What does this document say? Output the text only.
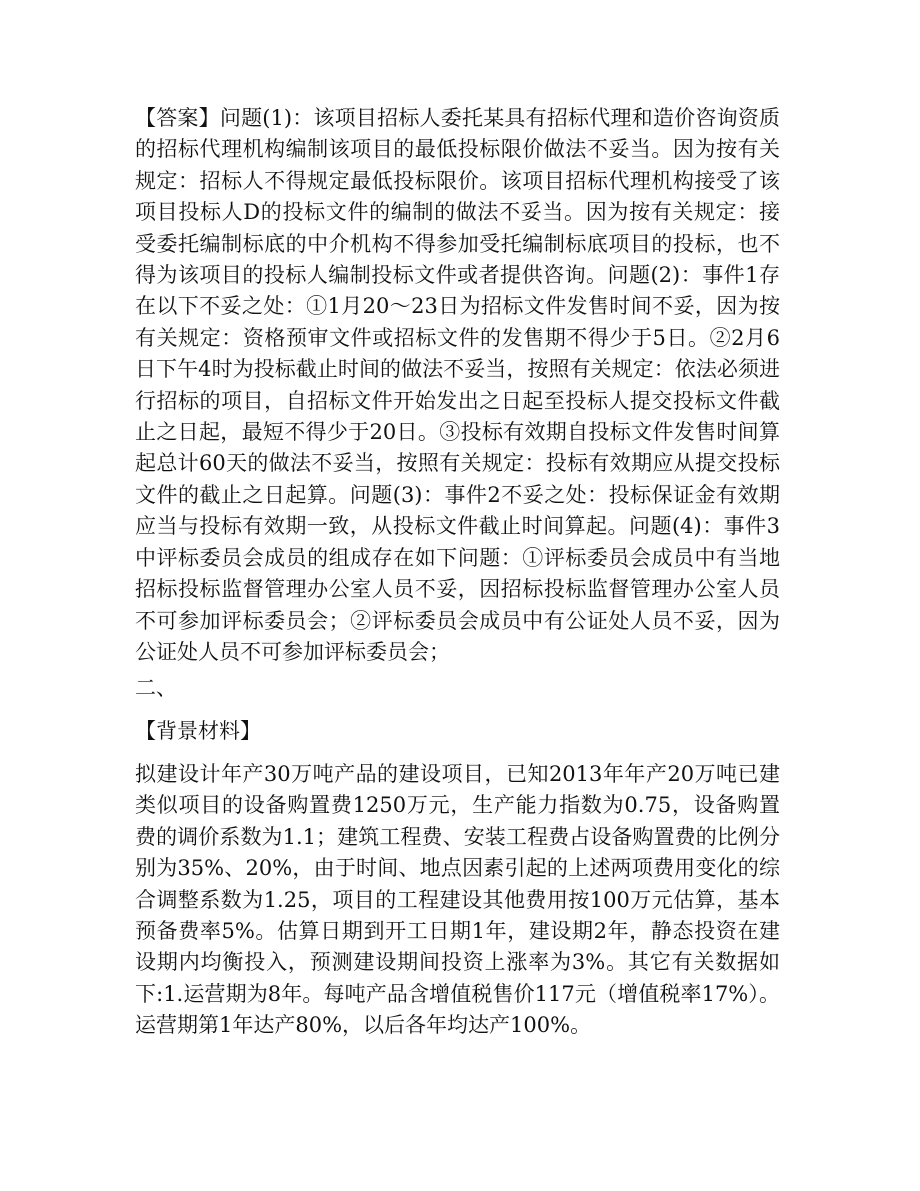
【答案】问题(1)：该项目招标人委托某具有招标代理和造价咨询资质的招标代理机构编制该项目的最低投标限价做法不妥当。因为按有关规定：招标人不得规定最低投标限价。该项目招标代理机构接受了该项目投标人D的投标文件的编制的做法不妥当。因为按有关规定：接受委托编制标底的中介机构不得参加受托编制标底项目的投标，也不得为该项目的投标人编制投标文件或者提供咨询。问题(2)：事件1存在以下不妥之处：①1月20～23日为招标文件发售时间不妥，因为按有关规定：资格预审文件或招标文件的发售期不得少于5日。②2月6日下午4时为投标截止时间的做法不妥当，按照有关规定：依法必须进行招标的项目，自招标文件开始发出之日起至投标人提交投标文件截止之日起，最短不得少于20日。③投标有效期自投标文件发售时间算起总计60天的做法不妥当，按照有关规定：投标有效期应从提交投标文件的截止之日起算。问题(3)：事件2不妥之处：投标保证金有效期应当与投标有效期一致，从投标文件截止时间算起。问题(4)：事件3中评标委员会成员的组成存在如下问题：①评标委员会成员中有当地招标投标监督管理办公室人员不妥，因招标投标监督管理办公室人员不可参加评标委员会；②评标委员会成员中有公证处人员不妥，因为公证处人员不可参加评标委员会；

二、

【背景材料】

拟建设计年产30万吨产品的建设项目，已知2013年年产20万吨已建类似项目的设备购置费1250万元，生产能力指数为0.75，设备购置费的调价系数为1.1；建筑工程费、安装工程费占设备购置费的比例分别为35%、20%，由于时间、地点因素引起的上述两项费用变化的综合调整系数为1.25，项目的工程建设其他费用按100万元估算，基本预备费率5%。估算日期到开工日期1年，建设期2年，静态投资在建设期内均衡投入，预测建设期间投资上涨率为3%。其它有关数据如下:1.运营期为8年。每吨产品含增值税售价117元（增值税率17%）。运营期第1年达产80%，以后各年均达产100%。
